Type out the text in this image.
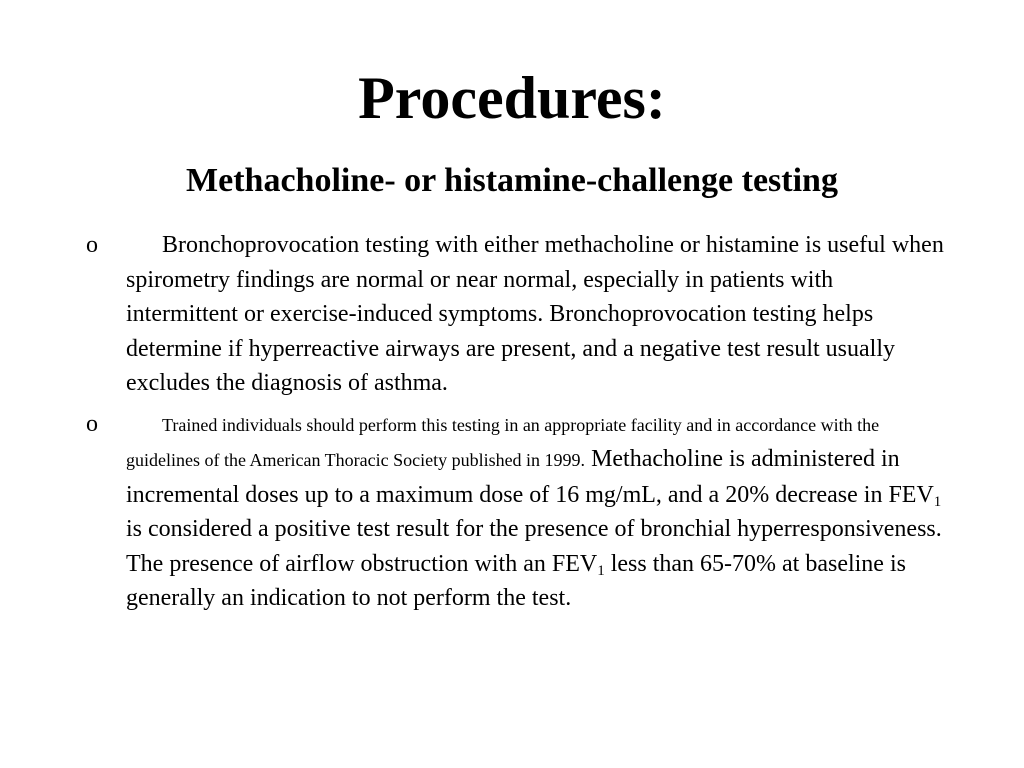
Procedures:
Methacholine- or histamine-challenge testing
o	Bronchoprovocation testing with either methacholine or histamine is useful when spirometry findings are normal or near normal, especially in patients with intermittent or exercise-induced symptoms. Bronchoprovocation testing helps determine if hyperreactive airways are present, and a negative test result usually excludes the diagnosis of asthma.
o	Trained individuals should perform this testing in an appropriate facility and in accordance with the guidelines of the American Thoracic Society published in 1999. Methacholine is administered in incremental doses up to a maximum dose of 16 mg/mL, and a 20% decrease in $FEV_1$ is considered a positive test result for the presence of bronchial hyperresponsiveness. The presence of airflow obstruction with an $FEV_1$ less than 65-70% at baseline is generally an indication to not perform the test.
